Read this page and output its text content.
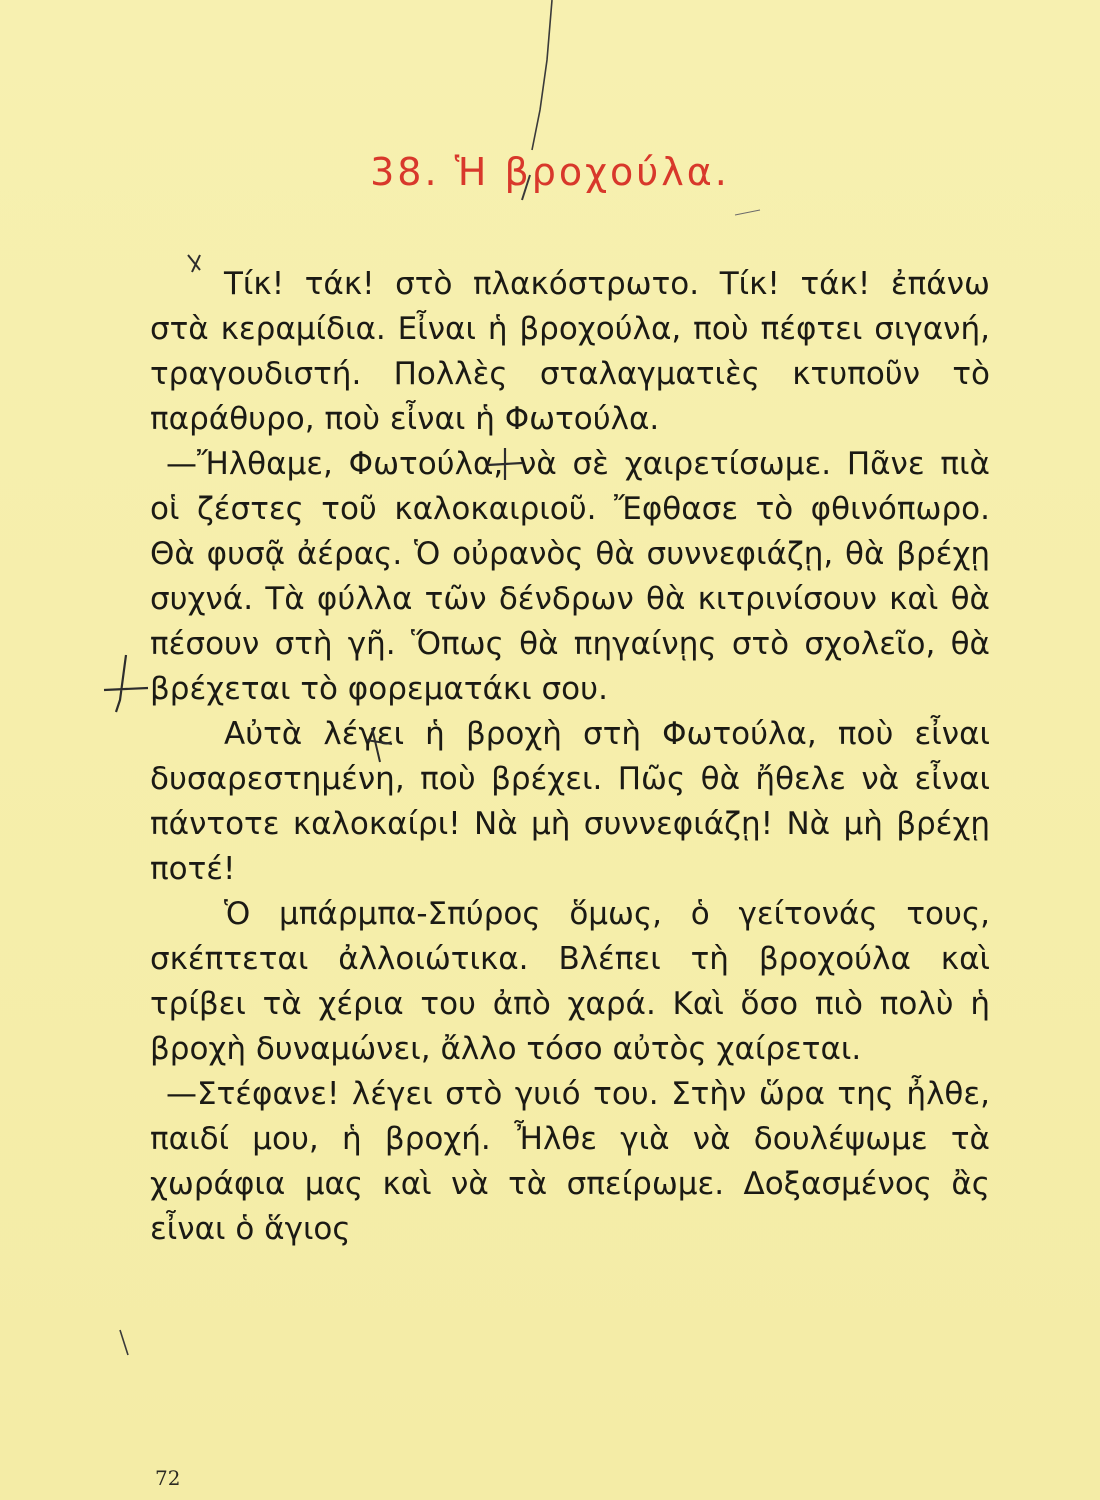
38. Ἡ βροχούλα.

Τίκ! τάκ! στὸ πλακόστρωτο. Τίκ! τάκ! ἐπάνω στὰ κεραμίδια. Εἶναι ἡ βροχούλα, ποὺ πέφτει σιγανή, τραγουδιστή. Πολλὲς σταλαγματιὲς κτυποῦν τὸ παράθυρο, ποὺ εἶναι ἡ Φωτούλα.

—Ἤλθαμε, Φωτούλα, νὰ σὲ χαιρετίσωμε. Πᾶνε πιὰ οἱ ζέστες τοῦ καλοκαιριοῦ. Ἔφθασε τὸ φθινόπωρο. Θὰ φυσᾷ ἀέρας. Ὁ οὐρανὸς θὰ συννεφιάζῃ, θὰ βρέχῃ συχνά. Τὰ φύλλα τῶν δένδρων θὰ κιτρινίσουν καὶ θὰ πέσουν στὴ γῆ. Ὅπως θὰ πηγαίνῃς στὸ σχολεῖο, θὰ βρέχεται τὸ φορεματάκι σου.

Αὐτὰ λέγει ἡ βροχὴ στὴ Φωτούλα, ποὺ εἶναι δυσαρεστημένη, ποὺ βρέχει. Πῶς θὰ ἤθελε νὰ εἶναι πάντοτε καλοκαίρι! Νὰ μὴ συννεφιάζῃ! Νὰ μὴ βρέχῃ ποτέ!

Ὁ μπάρμπα-Σπύρος ὅμως, ὁ γείτονάς τους, σκέπτεται ἀλλοιώτικα. Βλέπει τὴ βροχούλα καὶ τρίβει τὰ χέρια του ἀπὸ χαρά. Καὶ ὅσο πιὸ πολὺ ἡ βροχὴ δυναμώνει, ἄλλο τόσο αὐτὸς χαίρεται.

—Στέφανε! λέγει στὸ γυιό του. Στὴν ὥρα της ἦλθε, παιδί μου, ἡ βροχή. Ἦλθε γιὰ νὰ δουλέψωμε τὰ χωράφια μας καὶ νὰ τὰ σπείρωμε. Δοξασμένος ἂς εἶναι ὁ ἅγιος

72
